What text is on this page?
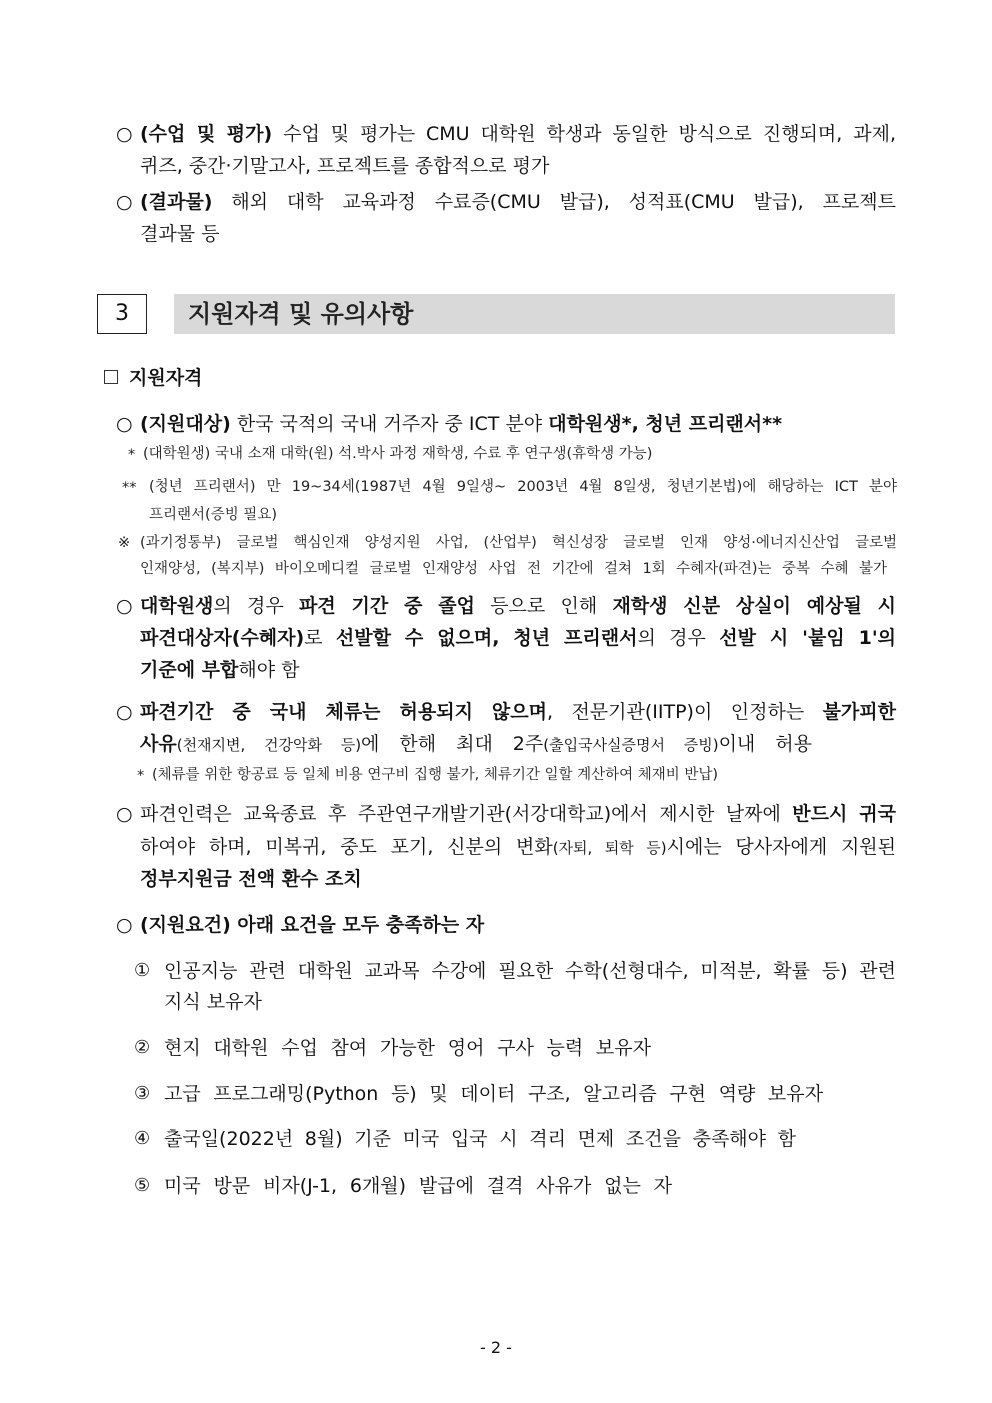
○ (수업 및 평가) 수업 및 평가는 CMU 대학원 학생과 동일한 방식으로 진행되며, 과제,
퀴즈, 중간·기말고사, 프로젝트를 종합적으로 평가
○ (결과물) 해외 대학 교육과정 수료증(CMU 발급), 성적표(CMU 발급), 프로젝트
결과물 등
3	지원자격 및 유의사항
지원자격
○ (지원대상) 한국 국적의 국내 거주자 중 ICT 분야 대학원생*, 청년 프리랜서**
* (대학원생) 국내 소재 대학(원) 석.박사 과정 재학생, 수료 후 연구생(휴학생 가능)
** (청년 프리랜서) 만 19~34세(1987년 4월 9일생~ 2003년 4월 8일생, 청년기본법)에 해당하는 ICT 분야
프리랜서(증빙 필요)
※ (과기정통부) 글로벌 핵심인재 양성지원 사업, (산업부) 혁신성장 글로벌 인재 양성·에너지신산업 글로벌
인재양성, (복지부) 바이오메디컬 글로벌 인재양성 사업 전 기간에 걸쳐 1회 수혜자(파견)는 중복 수혜 불가
○ 대학원생의 경우 파견 기간 중 졸업 등으로 인해 재학생 신분 상실이 예상될 시
파견대상자(수혜자)로 선발할 수 없으며, 청년 프리랜서의 경우 선발 시 '붙임 1'의
기준에 부합해야 함
○ 파견기간 중 국내 체류는 허용되지 않으며, 전문기관(IITP)이 인정하는 불가피한
사유(천재지변, 건강악화 등)에 한해 최대 2주(출입국사실증명서 증빙)이내 허용
* (체류를 위한 항공료 등 일체 비용 연구비 집행 불가, 체류기간 일할 계산하여 체재비 반납)
○ 파견인력은 교육종료 후 주관연구개발기관(서강대학교)에서 제시한 날짜에 반드시 귀국
하여야 하며, 미복귀, 중도 포기, 신분의 변화(자퇴, 퇴학 등)시에는 당사자에게 지원된
정부지원금 전액 환수 조치
○ (지원요건) 아래 요건을 모두 충족하는 자
① 인공지능 관련 대학원 교과목 수강에 필요한 수학(선형대수, 미적분, 확률 등) 관련
지식 보유자
② 현지 대학원 수업 참여 가능한 영어 구사 능력 보유자
③ 고급 프로그래밍(Python 등) 및 데이터 구조, 알고리즘 구현 역량 보유자
④ 출국일(2022년 8월) 기준 미국 입국 시 격리 면제 조건을 충족해야 함
⑤ 미국 방문 비자(J-1, 6개월) 발급에 결격 사유가 없는 자
- 2 -
